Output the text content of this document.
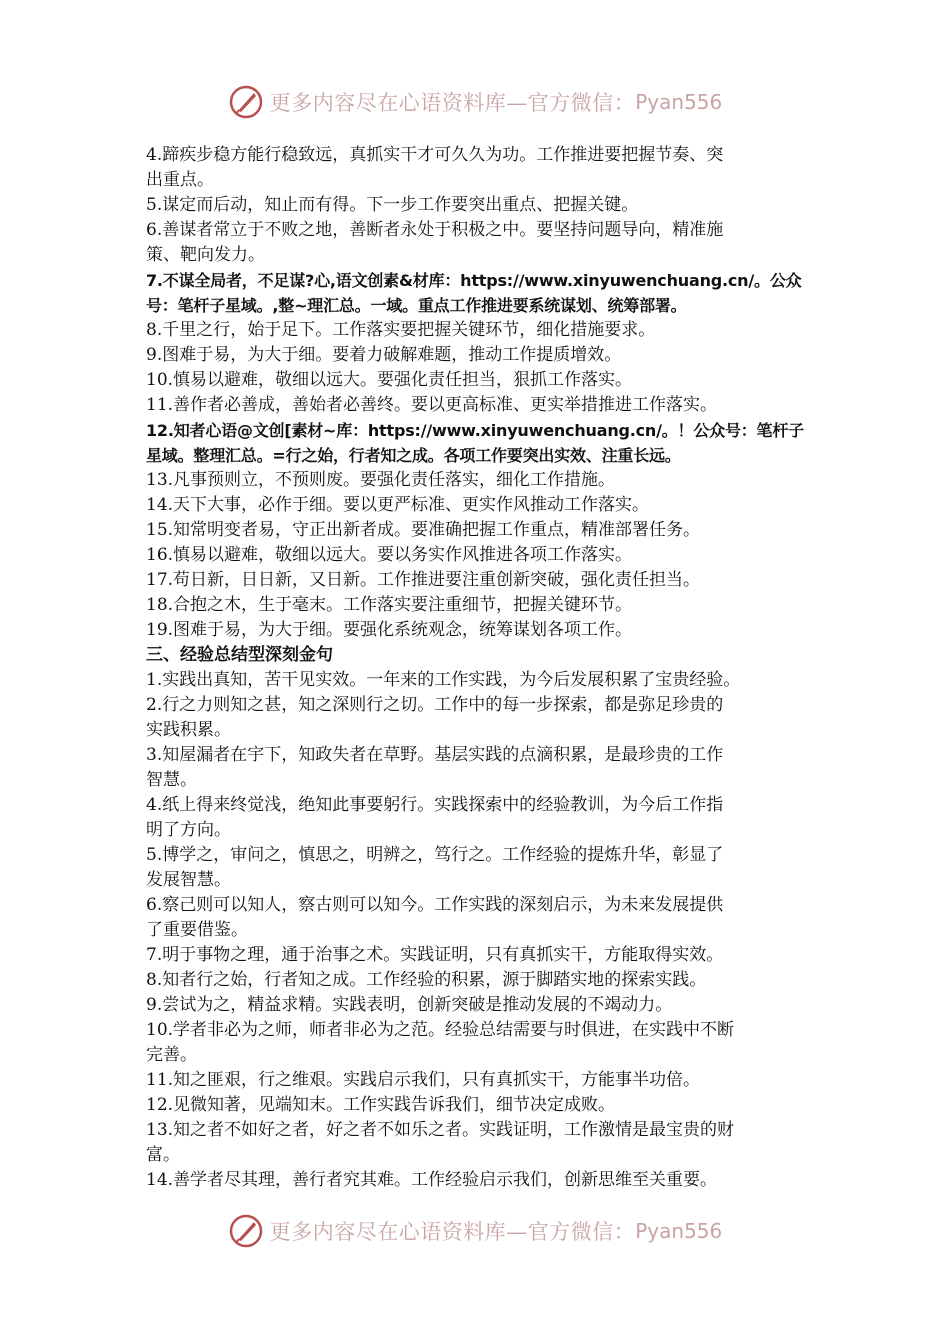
更多内容尽在心语资料库—官方微信： Pyan556
4.蹄疾步稳方能行稳致远，真抓实干才可久久为功。工作推进要把握节奏、突
出重点。
5.谋定而后动，知止而有得。下一步工作要突出重点、把握关键。
6.善谋者常立于不败之地，善断者永处于积极之中。要坚持问题导向，精准施
策、靶向发力。
7.不谋全局者，不足谋?心,语文创素&材库：https://www.xinyuwenchuang.cn/。公众
号：笔杆子星域。,整~理汇总。一域。重点工作推进要系统谋划、统筹部署。
8.千里之行，始于足下。工作落实要把握关键环节，细化措施要求。
9.图难于易，为大于细。要着力破解难题，推动工作提质增效。
10.慎易以避难，敬细以远大。要强化责任担当，狠抓工作落实。
11.善作者必善成，善始者必善终。要以更高标准、更实举措推进工作落实。
12.知者心语@文创[素材~库：https://www.xinyuwenchuang.cn/。！公众号：笔杆子
星域。整理汇总。=行之始，行者知之成。各项工作要突出实效、注重长远。
13.凡事预则立，不预则废。要强化责任落实，细化工作措施。
14.天下大事，必作于细。要以更严标准、更实作风推动工作落实。
15.知常明变者易，守正出新者成。要准确把握工作重点，精准部署任务。
16.慎易以避难，敬细以远大。要以务实作风推进各项工作落实。
17.苟日新，日日新，又日新。工作推进要注重创新突破，强化责任担当。
18.合抱之木，生于毫末。工作落实要注重细节，把握关键环节。
19.图难于易，为大于细。要强化系统观念，统筹谋划各项工作。
三、经验总结型深刻金句
1.实践出真知，苦干见实效。一年来的工作实践，为今后发展积累了宝贵经验。
2.行之力则知之甚，知之深则行之切。工作中的每一步探索，都是弥足珍贵的
实践积累。
3.知屋漏者在宇下，知政失者在草野。基层实践的点滴积累，是最珍贵的工作
智慧。
4.纸上得来终觉浅，绝知此事要躬行。实践探索中的经验教训，为今后工作指
明了方向。
5.博学之，审问之，慎思之，明辨之，笃行之。工作经验的提炼升华，彰显了
发展智慧。
6.察己则可以知人，察古则可以知今。工作实践的深刻启示，为未来发展提供
了重要借鉴。
7.明于事物之理，通于治事之术。实践证明，只有真抓实干，方能取得实效。
8.知者行之始，行者知之成。工作经验的积累，源于脚踏实地的探索实践。
9.尝试为之，精益求精。实践表明，创新突破是推动发展的不竭动力。
10.学者非必为之师，师者非必为之范。经验总结需要与时俱进，在实践中不断
完善。
11.知之匪艰，行之维艰。实践启示我们，只有真抓实干，方能事半功倍。
12.见微知著，见端知末。工作实践告诉我们，细节决定成败。
13.知之者不如好之者，好之者不如乐之者。实践证明，工作激情是最宝贵的财
富。
14.善学者尽其理，善行者究其难。工作经验启示我们，创新思维至关重要。
更多内容尽在心语资料库—官方微信： Pyan556
